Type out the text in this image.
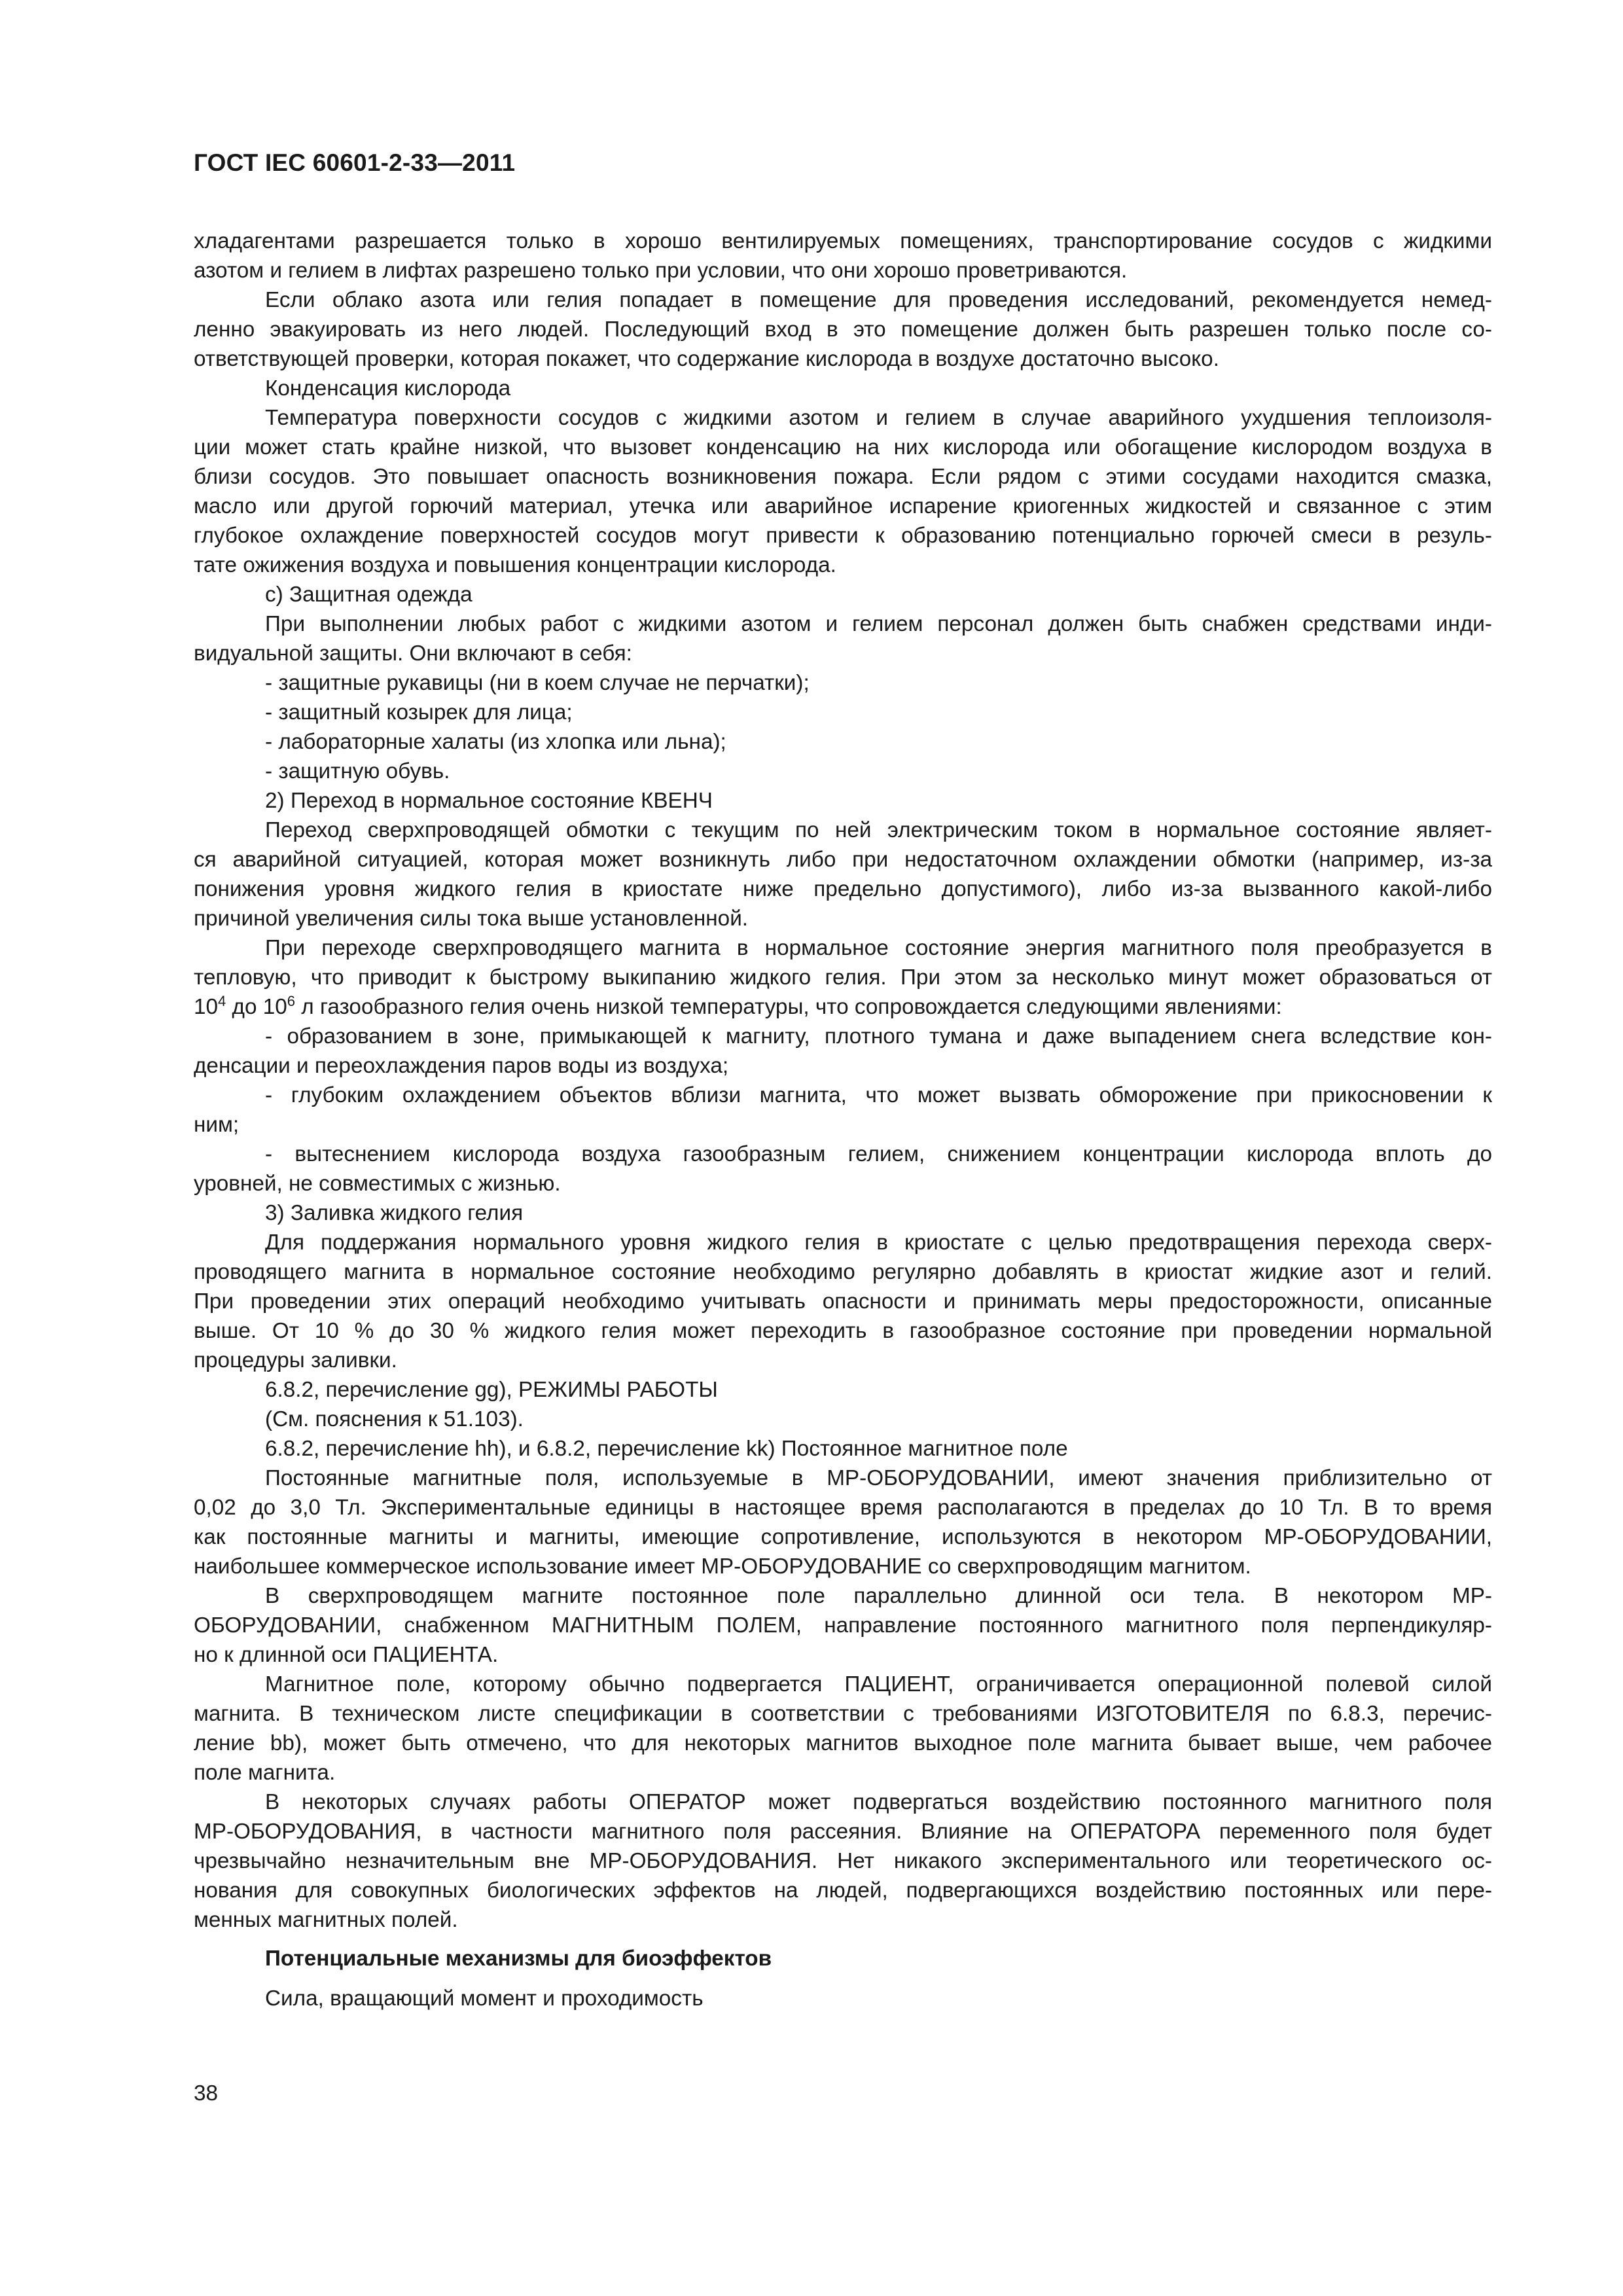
ГОСТ IEC 60601-2-33—2011
хладагентами разрешается только в хорошо вентилируемых помещениях, транспортирование сосудов с жидкими
азотом и гелием в лифтах разрешено только при условии, что они хорошо проветриваются.
Если облако азота или гелия попадает в помещение для проведения исследований, рекомендуется немед-
ленно эвакуировать из него людей. Последующий вход в это помещение должен быть разрешен только после со-
ответствующей проверки, которая покажет, что содержание кислорода в воздухе достаточно высоко.
Конденсация кислорода
Температура поверхности сосудов с жидкими азотом и гелием в случае аварийного ухудшения теплоизоля-
ции может стать крайне низкой, что вызовет конденсацию на них кислорода или обогащение кислородом воздуха в
близи сосудов. Это повышает опасность возникновения пожара. Если рядом с этими сосудами находится смазка,
масло или другой горючий материал, утечка или аварийное испарение криогенных жидкостей и связанное с этим
глубокое охлаждение поверхностей сосудов могут привести к образованию потенциально горючей смеси в резуль-
тате ожижения воздуха и повышения концентрации кислорода.
c) Защитная одежда
При выполнении любых работ с жидкими азотом и гелием персонал должен быть снабжен средствами инди-
видуальной защиты. Они включают в себя:
- защитные рукавицы (ни в коем случае не перчатки);
- защитный козырек для лица;
- лабораторные халаты (из хлопка или льна);
- защитную обувь.
2) Переход в нормальное состояние КВЕНЧ
Переход сверхпроводящей обмотки с текущим по ней электрическим током в нормальное состояние являет-
ся аварийной ситуацией, которая может возникнуть либо при недостаточном охлаждении обмотки (например, из-за
понижения уровня жидкого гелия в криостате ниже предельно допустимого), либо из-за вызванного какой-либо
причиной увеличения силы тока выше установленной.
При переходе сверхпроводящего магнита в нормальное состояние энергия магнитного поля преобразуется в
тепловую, что приводит к быстрому выкипанию жидкого гелия. При этом за несколько минут может образоваться от
$10^4$ до $10^6$ л газообразного гелия очень низкой температуры, что сопровождается следующими явлениями:
- образованием в зоне, примыкающей к магниту, плотного тумана и даже выпадением снега вследствие кон-
денсации и переохлаждения паров воды из воздуха;
- глубоким охлаждением объектов вблизи магнита, что может вызвать обморожение при прикосновении к
ним;
- вытеснением кислорода воздуха газообразным гелием, снижением концентрации кислорода вплоть до
уровней, не совместимых с жизнью.
3) Заливка жидкого гелия
Для поддержания нормального уровня жидкого гелия в криостате с целью предотвращения перехода сверх-
проводящего магнита в нормальное состояние необходимо регулярно добавлять в криостат жидкие азот и гелий.
При проведении этих операций необходимо учитывать опасности и принимать меры предосторожности, описанные
выше. От 10 % до 30 % жидкого гелия может переходить в газообразное состояние при проведении нормальной
процедуры заливки.
6.8.2, перечисление gg), РЕЖИМЫ РАБОТЫ
(См. пояснения к 51.103).
6.8.2, перечисление hh), и 6.8.2, перечисление kk) Постоянное магнитное поле
Постоянные магнитные поля, используемые в МР-ОБОРУДОВАНИИ, имеют значения приблизительно от
0,02 до 3,0 Тл. Экспериментальные единицы в настоящее время располагаются в пределах до 10 Тл. В то время
как постоянные магниты и магниты, имеющие сопротивление, используются в некотором МР-ОБОРУДОВАНИИ,
наибольшее коммерческое использование имеет МР-ОБОРУДОВАНИЕ со сверхпроводящим магнитом.
В сверхпроводящем магните постоянное поле параллельно длинной оси тела. В некотором МР-
ОБОРУДОВАНИИ, снабженном МАГНИТНЫМ ПОЛЕМ, направление постоянного магнитного поля перпендикуляр-
но к длинной оси ПАЦИЕНТА.
Магнитное поле, которому обычно подвергается ПАЦИЕНТ, ограничивается операционной полевой силой
магнита. В техническом листе спецификации в соответствии с требованиями ИЗГОТОВИТЕЛЯ по 6.8.3, перечис-
ление bb), может быть отмечено, что для некоторых магнитов выходное поле магнита бывает выше, чем рабочее
поле магнита.
В некоторых случаях работы ОПЕРАТОР может подвергаться воздействию постоянного магнитного поля
МР-ОБОРУДОВАНИЯ, в частности магнитного поля рассеяния. Влияние на ОПЕРАТОРА переменного поля будет
чрезвычайно незначительным вне МР-ОБОРУДОВАНИЯ. Нет никакого экспериментального или теоретического ос-
нования для совокупных биологических эффектов на людей, подвергающихся воздействию постоянных или пере-
менных магнитных полей.
Потенциальные механизмы для биоэффектов
Сила, вращающий момент и проходимость
38
